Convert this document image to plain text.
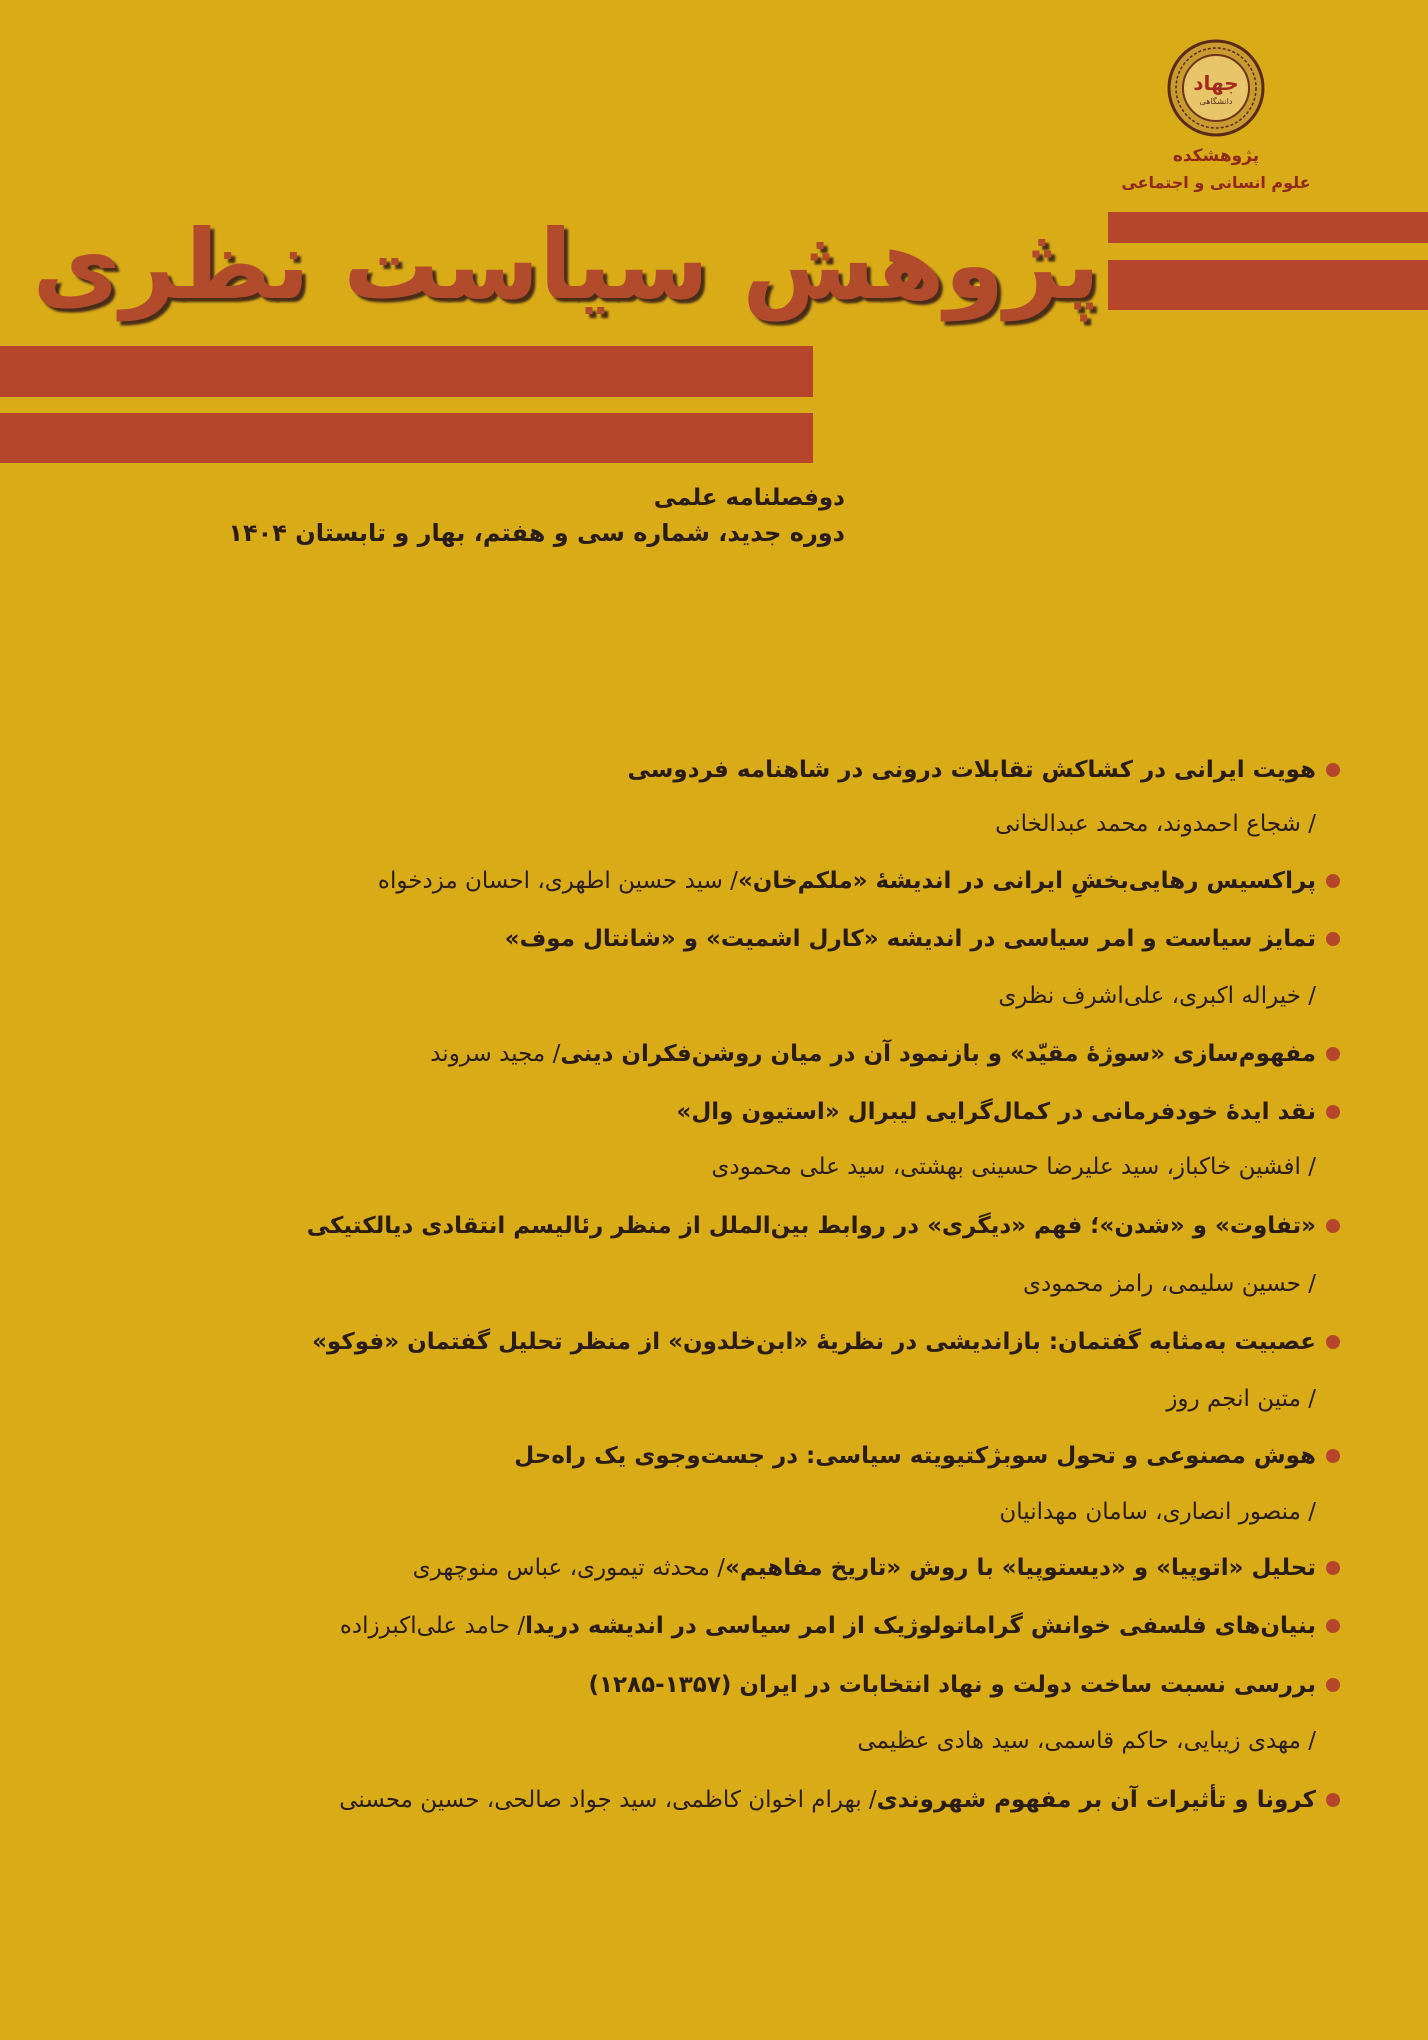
جهاد
دانشگاهی
پژوهشکده
علوم انسانی و اجتماعی
پژوهش سیاست نظری
دوفصلنامه علمی
دوره جدید، شماره سی و هفتم، بهار و تابستان ۱۴۰۴
هویت ایرانی در کشاکش تقابلات درونی در شاهنامه فردوسی
/ شجاع احمدوند، محمد عبدالخانی
پراکسیس رهایی‌بخشِ ایرانی در اندیشهٔ «ملکم‌خان»/ سید حسین اطهری، احسان مزدخواه
تمایز سیاست و امر سیاسی در اندیشه «کارل اشمیت» و «شانتال موف»
/ خیراله اکبری، علی‌اشرف نظری
مفهوم‌سازی «سوژهٔ مقیّد» و بازنمود آن در میان روشن‌فکران دینی/ مجید سروند
نقد ایدهٔ خودفرمانی در کمال‌گرایی لیبرال «استیون وال»
/ افشین خاکباز، سید علیرضا حسینی بهشتی، سید علی محمودی
«تفاوت» و «شدن»؛ فهم «دیگری» در روابط بین‌الملل از منظر رئالیسم انتقادی دیالکتیکی
/ حسین سلیمی، رامز محمودی
عصبیت به‌مثابه گفتمان: بازاندیشی در نظریهٔ «ابن‌خلدون» از منظر تحلیل گفتمان «فوکو»
/ متین انجم روز
هوش مصنوعی و تحول سوبژکتیویته سیاسی: در جست‌وجوی یک راه‌حل
/ منصور انصاری، سامان مهدانیان
تحلیل «اتوپیا» و «دیستوپیا» با روش «تاریخ مفاهیم»/ محدثه تیموری، عباس منوچهری
بنیان‌های فلسفی خوانش گراماتولوژیک از امر سیاسی در اندیشه دریدا/ حامد علی‌اکبرزاده
بررسی نسبت ساخت دولت و نهاد انتخابات در ایران (۱۳۵۷-۱۲۸۵)
/ مهدی زیبایی، حاکم قاسمی، سید هادی عظیمی
کرونا و تأثیرات آن بر مفهوم شهروندی/ بهرام اخوان کاظمی، سید جواد صالحی، حسین محسنی
